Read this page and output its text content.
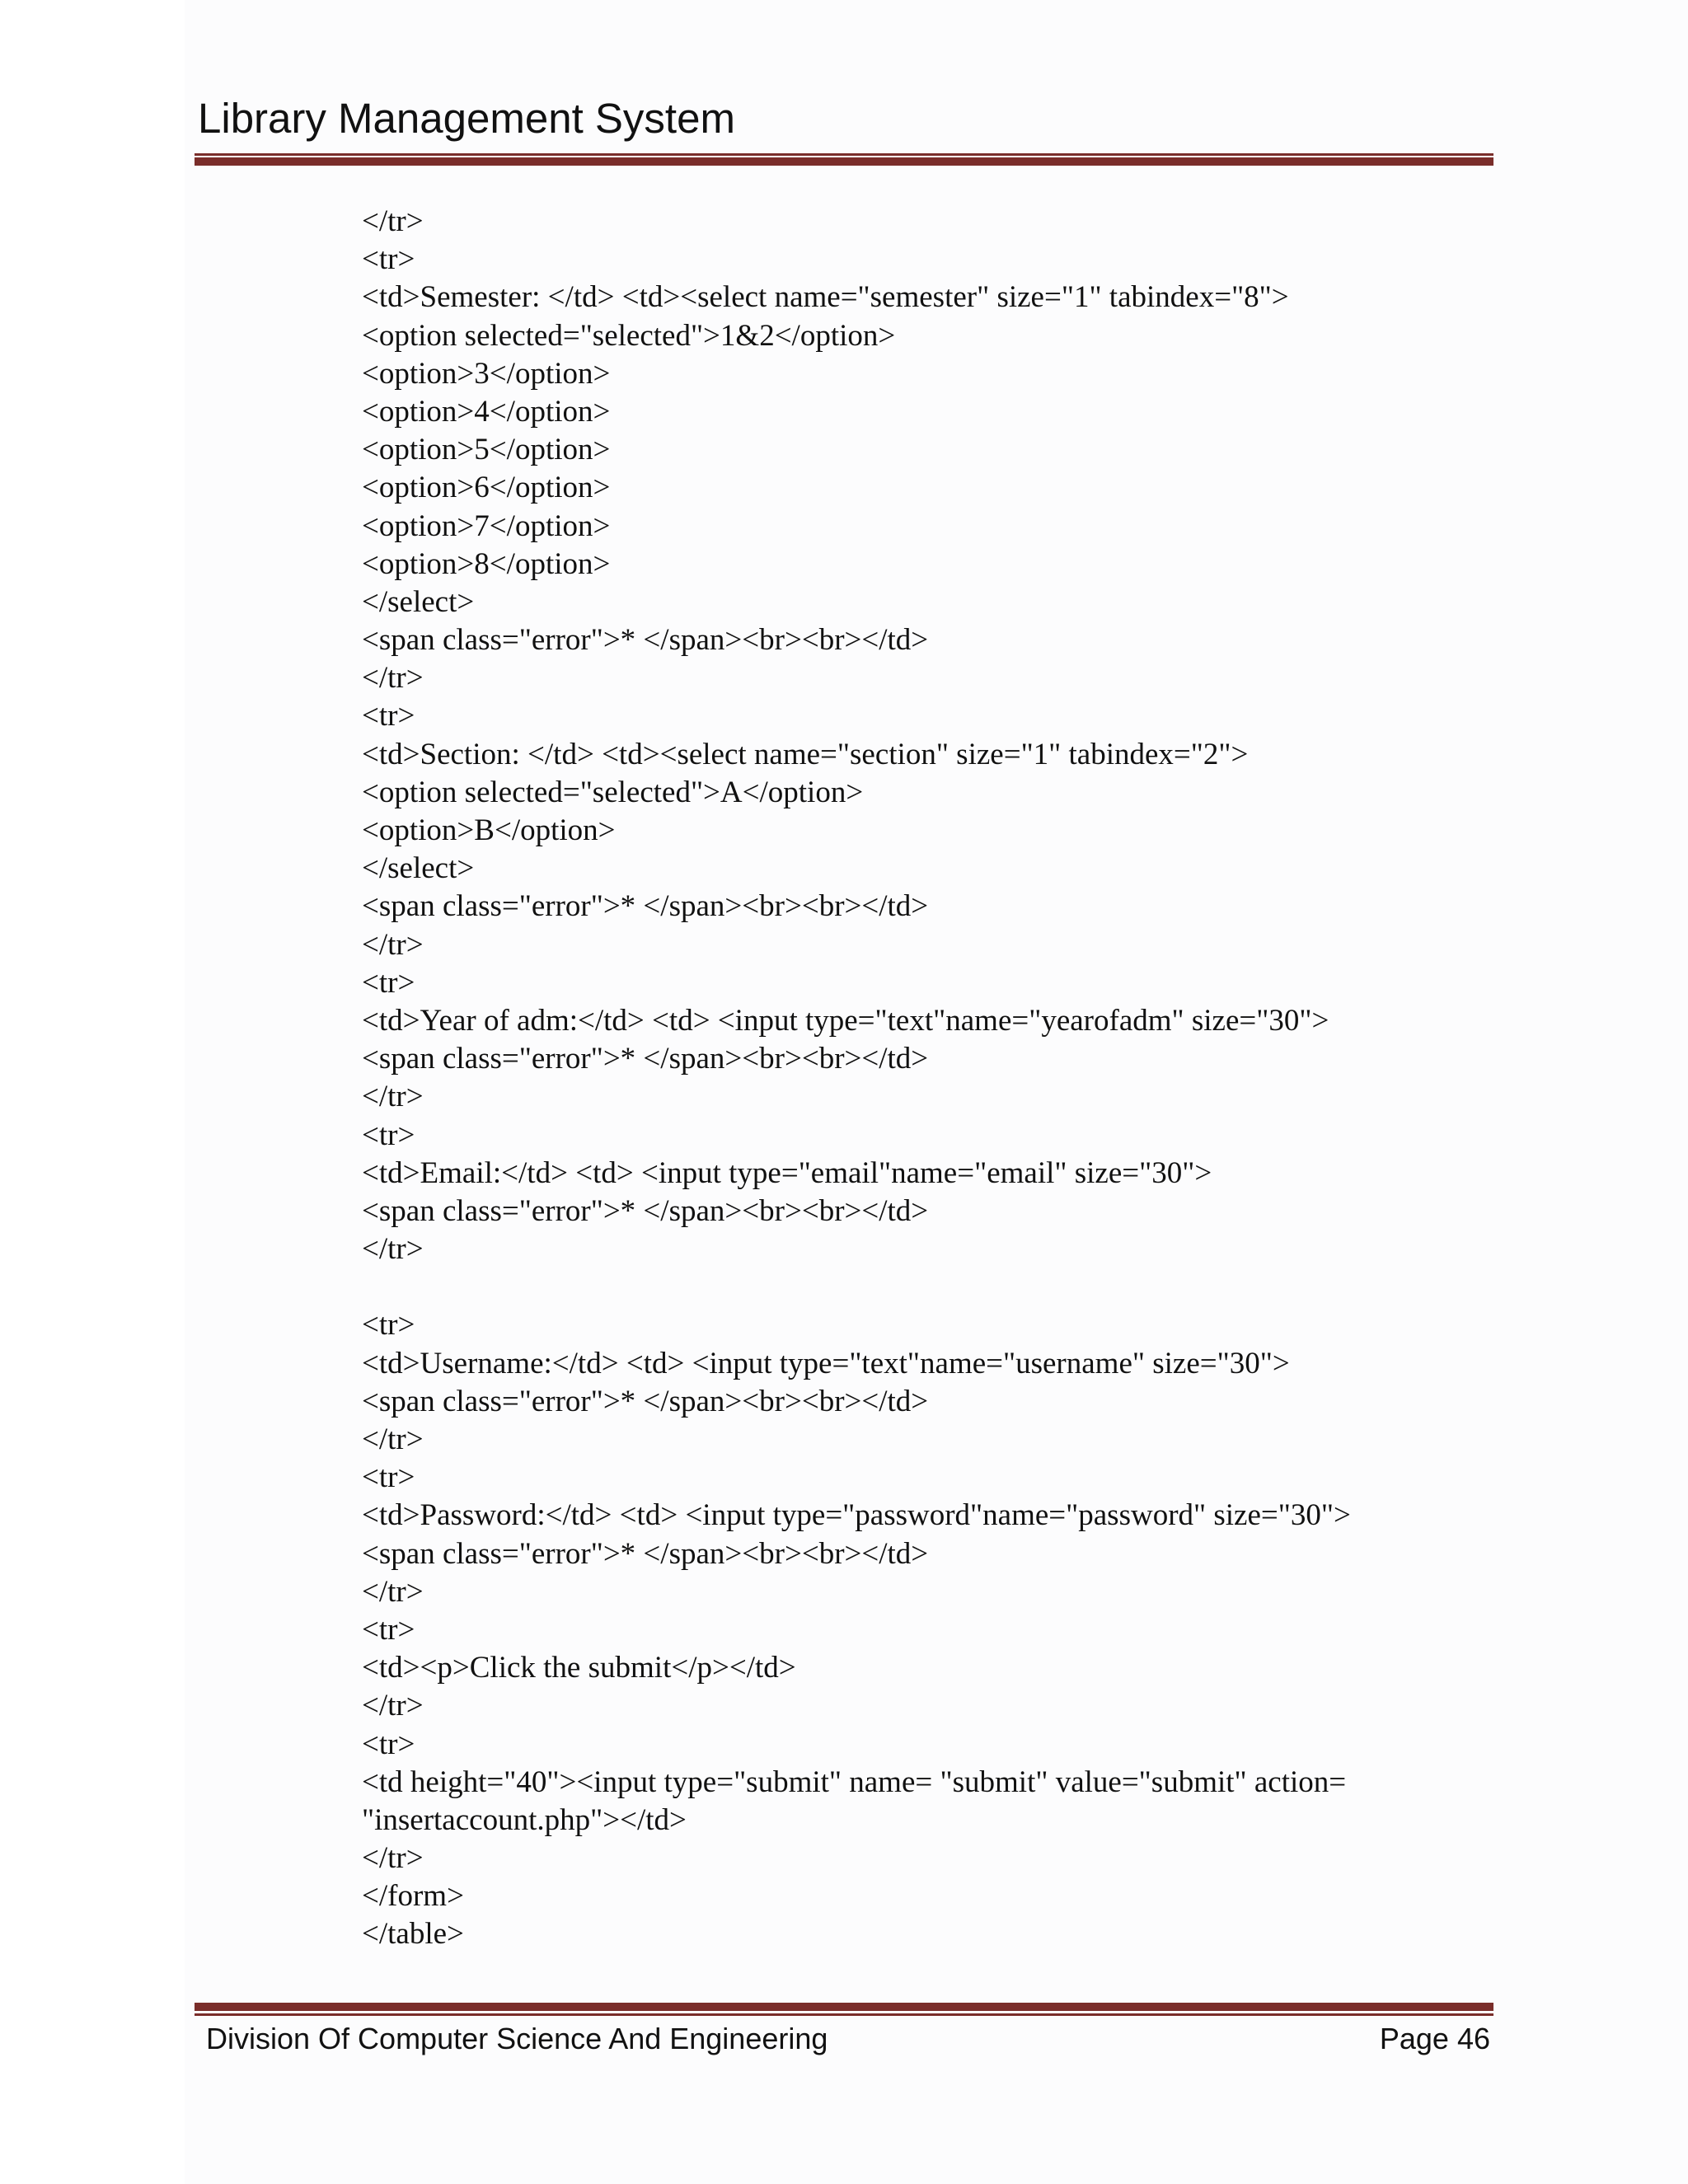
Library Management System
</tr>
<tr>
<td>Semester: </td> <td><select name="semester" size="1" tabindex="8">
<option selected="selected">1&2</option>
<option>3</option>
<option>4</option>
<option>5</option>
<option>6</option>
<option>7</option>
<option>8</option>
</select>
<span class="error">* </span><br><br></td>
</tr>
<tr>
<td>Section: </td> <td><select name="section" size="1" tabindex="2">
<option selected="selected">A</option>
<option>B</option>
</select>
<span class="error">* </span><br><br></td>
</tr>
<tr>
<td>Year of adm:</td> <td> <input type="text"name="yearofadm" size="30">
<span class="error">* </span><br><br></td>
</tr>
<tr>
<td>Email:</td> <td> <input type="email"name="email" size="30">
<span class="error">* </span><br><br></td>
</tr>
<tr>
<td>Username:</td> <td> <input type="text"name="username" size="30">
<span class="error">* </span><br><br></td>
</tr>
<tr>
<td>Password:</td> <td> <input type="password"name="password" size="30">
<span class="error">* </span><br><br></td>
</tr>
<tr>
<td><p>Click the submit</p></td>
</tr>
<tr>
<td height="40"><input type="submit" name= "submit" value="submit" action=
"insertaccount.php"></td>
</tr>
</form>
</table>
Division Of Computer Science And Engineering	Page 46
